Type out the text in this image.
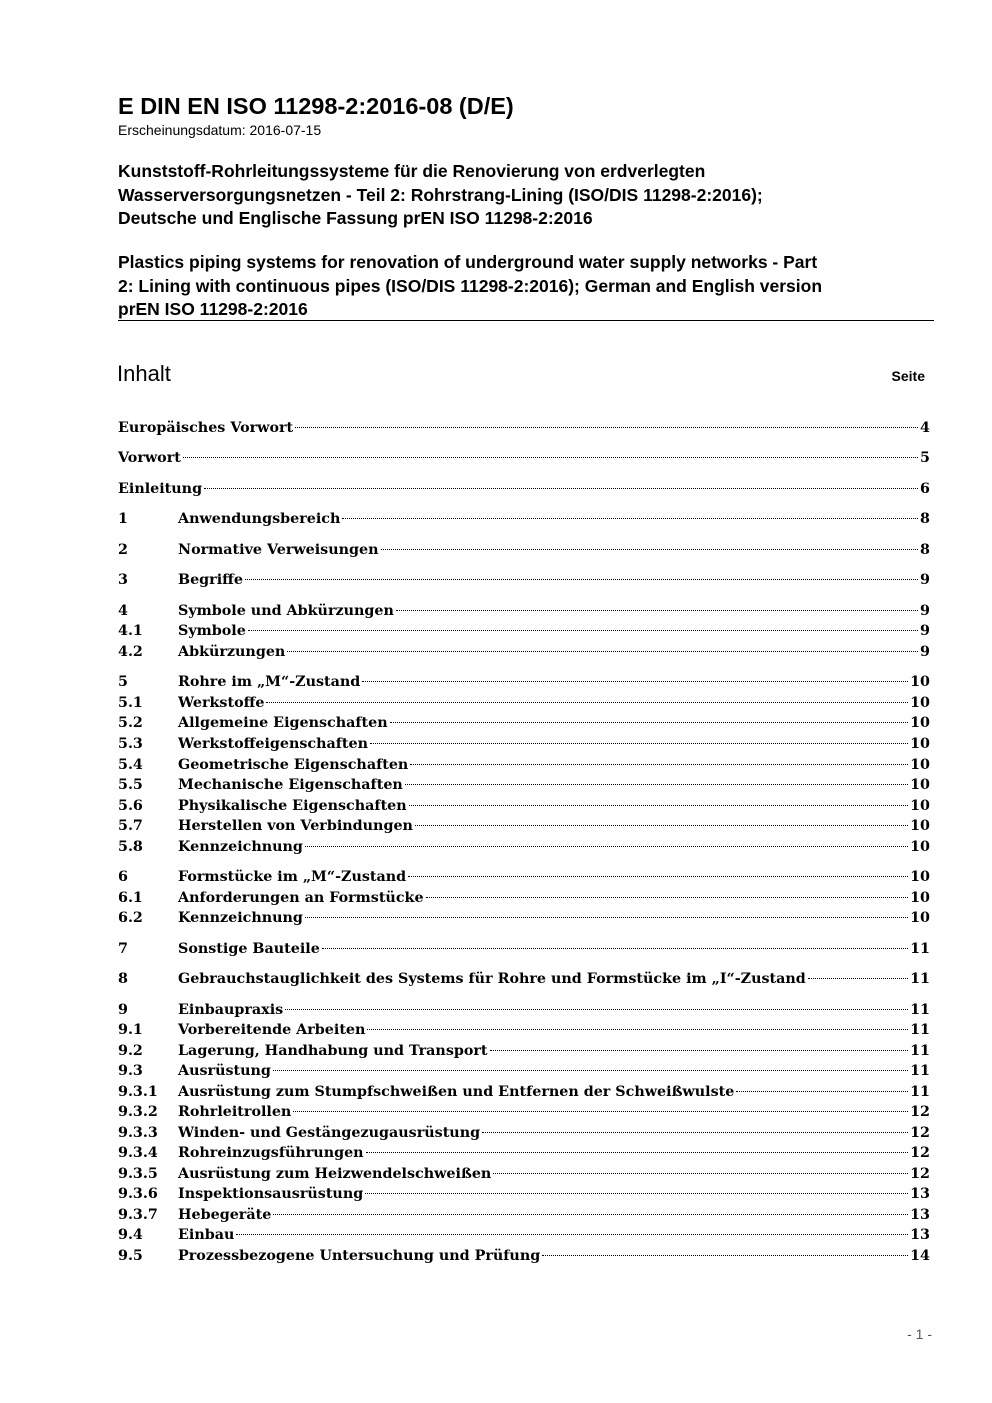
E DIN EN ISO 11298-2:2016-08 (D/E)
Erscheinungsdatum: 2016-07-15
Kunststoff-Rohrleitungssysteme für die Renovierung von erdverlegten
Wasserversorgungsnetzen - Teil 2: Rohrstrang-Lining (ISO/DIS 11298-2:2016);
Deutsche und Englische Fassung prEN ISO 11298-2:2016
Plastics piping systems for renovation of underground water supply networks - Part
2: Lining with continuous pipes (ISO/DIS 11298-2:2016); German and English version
prEN ISO 11298-2:2016
Inhalt	Seite
Europäisches Vorwort	4
Vorwort	5
Einleitung	6
1	Anwendungsbereich	8
2	Normative Verweisungen	8
3	Begriffe	9
4	Symbole und Abkürzungen	9
4.1	Symbole	9
4.2	Abkürzungen	9
5	Rohre im „M“-Zustand	10
5.1	Werkstoffe	10
5.2	Allgemeine Eigenschaften	10
5.3	Werkstoffeigenschaften	10
5.4	Geometrische Eigenschaften	10
5.5	Mechanische Eigenschaften	10
5.6	Physikalische Eigenschaften	10
5.7	Herstellen von Verbindungen	10
5.8	Kennzeichnung	10
6	Formstücke im „M“-Zustand	10
6.1	Anforderungen an Formstücke	10
6.2	Kennzeichnung	10
7	Sonstige Bauteile	11
8	Gebrauchstauglichkeit des Systems für Rohre und Formstücke im „I“-Zustand	11
9	Einbaupraxis	11
9.1	Vorbereitende Arbeiten	11
9.2	Lagerung, Handhabung und Transport	11
9.3	Ausrüstung	11
9.3.1	Ausrüstung zum Stumpfschweißen und Entfernen der Schweißwulste	11
9.3.2	Rohrleitrollen	12
9.3.3	Winden- und Gestängezugausrüstung	12
9.3.4	Rohreinzugsführungen	12
9.3.5	Ausrüstung zum Heizwendelschweißen	12
9.3.6	Inspektionsausrüstung	13
9.3.7	Hebegeräte	13
9.4	Einbau	13
9.5	Prozessbezogene Untersuchung und Prüfung	14
- 1 -
